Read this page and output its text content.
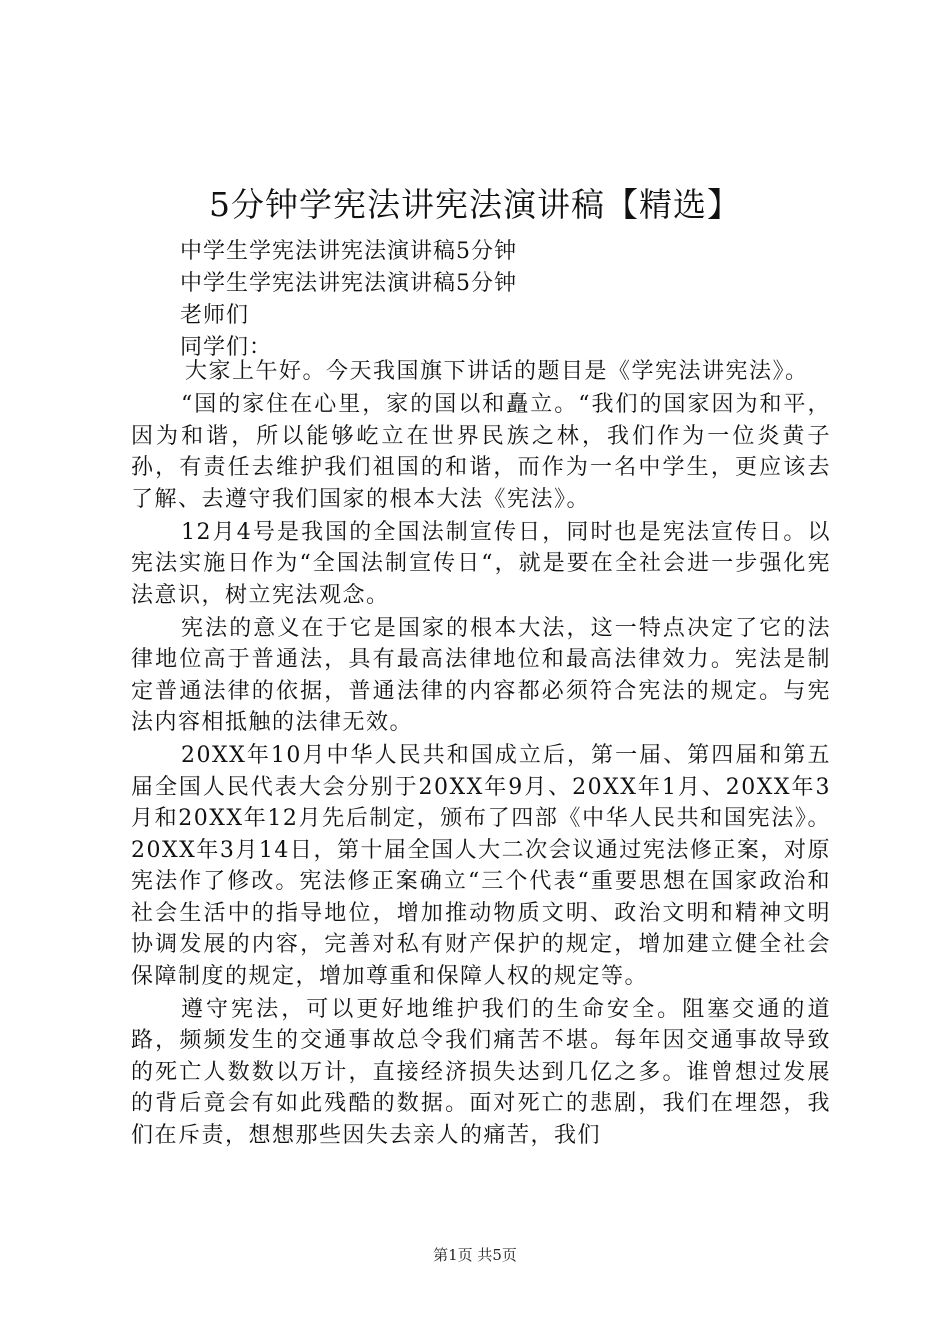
5分钟学宪法讲宪法演讲稿【精选】

中学生学宪法讲宪法演讲稿5分钟

中学生学宪法讲宪法演讲稿5分钟

老师们

同学们：

大家上午好。今天我国旗下讲话的题目是《学宪法讲宪法》。

“国的家住在心里，家的国以和矗立。“我们的国家因为和平，因为和谐，所以能够屹立在世界民族之林，我们作为一位炎黄子孙，有责任去维护我们祖国的和谐，而作为一名中学生，更应该去了解、去遵守我们国家的根本大法《宪法》。

12月4号是我国的全国法制宣传日，同时也是宪法宣传日。以宪法实施日作为“全国法制宣传日“，就是要在全社会进一步强化宪法意识，树立宪法观念。

宪法的意义在于它是国家的根本大法，这一特点决定了它的法律地位高于普通法，具有最高法律地位和最高法律效力。宪法是制定普通法律的依据，普通法律的内容都必须符合宪法的规定。与宪法内容相抵触的法律无效。

20XX年10月中华人民共和国成立后，第一届、第四届和第五届全国人民代表大会分别于20XX年9月、20XX年1月、20XX年3月和20XX年12月先后制定，颁布了四部《中华人民共和国宪法》。20XX年3月14日，第十届全国人大二次会议通过宪法修正案，对原宪法作了修改。宪法修正案确立“三个代表“重要思想在国家政治和社会生活中的指导地位，增加推动物质文明、政治文明和精神文明协调发展的内容，完善对私有财产保护的规定，增加建立健全社会保障制度的规定，增加尊重和保障人权的规定等。

遵守宪法，可以更好地维护我们的生命安全。阻塞交通的道路，频频发生的交通事故总令我们痛苦不堪。每年因交通事故导致的死亡人数数以万计，直接经济损失达到几亿之多。谁曾想过发展的背后竟会有如此残酷的数据。面对死亡的悲剧，我们在埋怨，我们在斥责，想想那些因失去亲人的痛苦，我们

第1页 共5页
